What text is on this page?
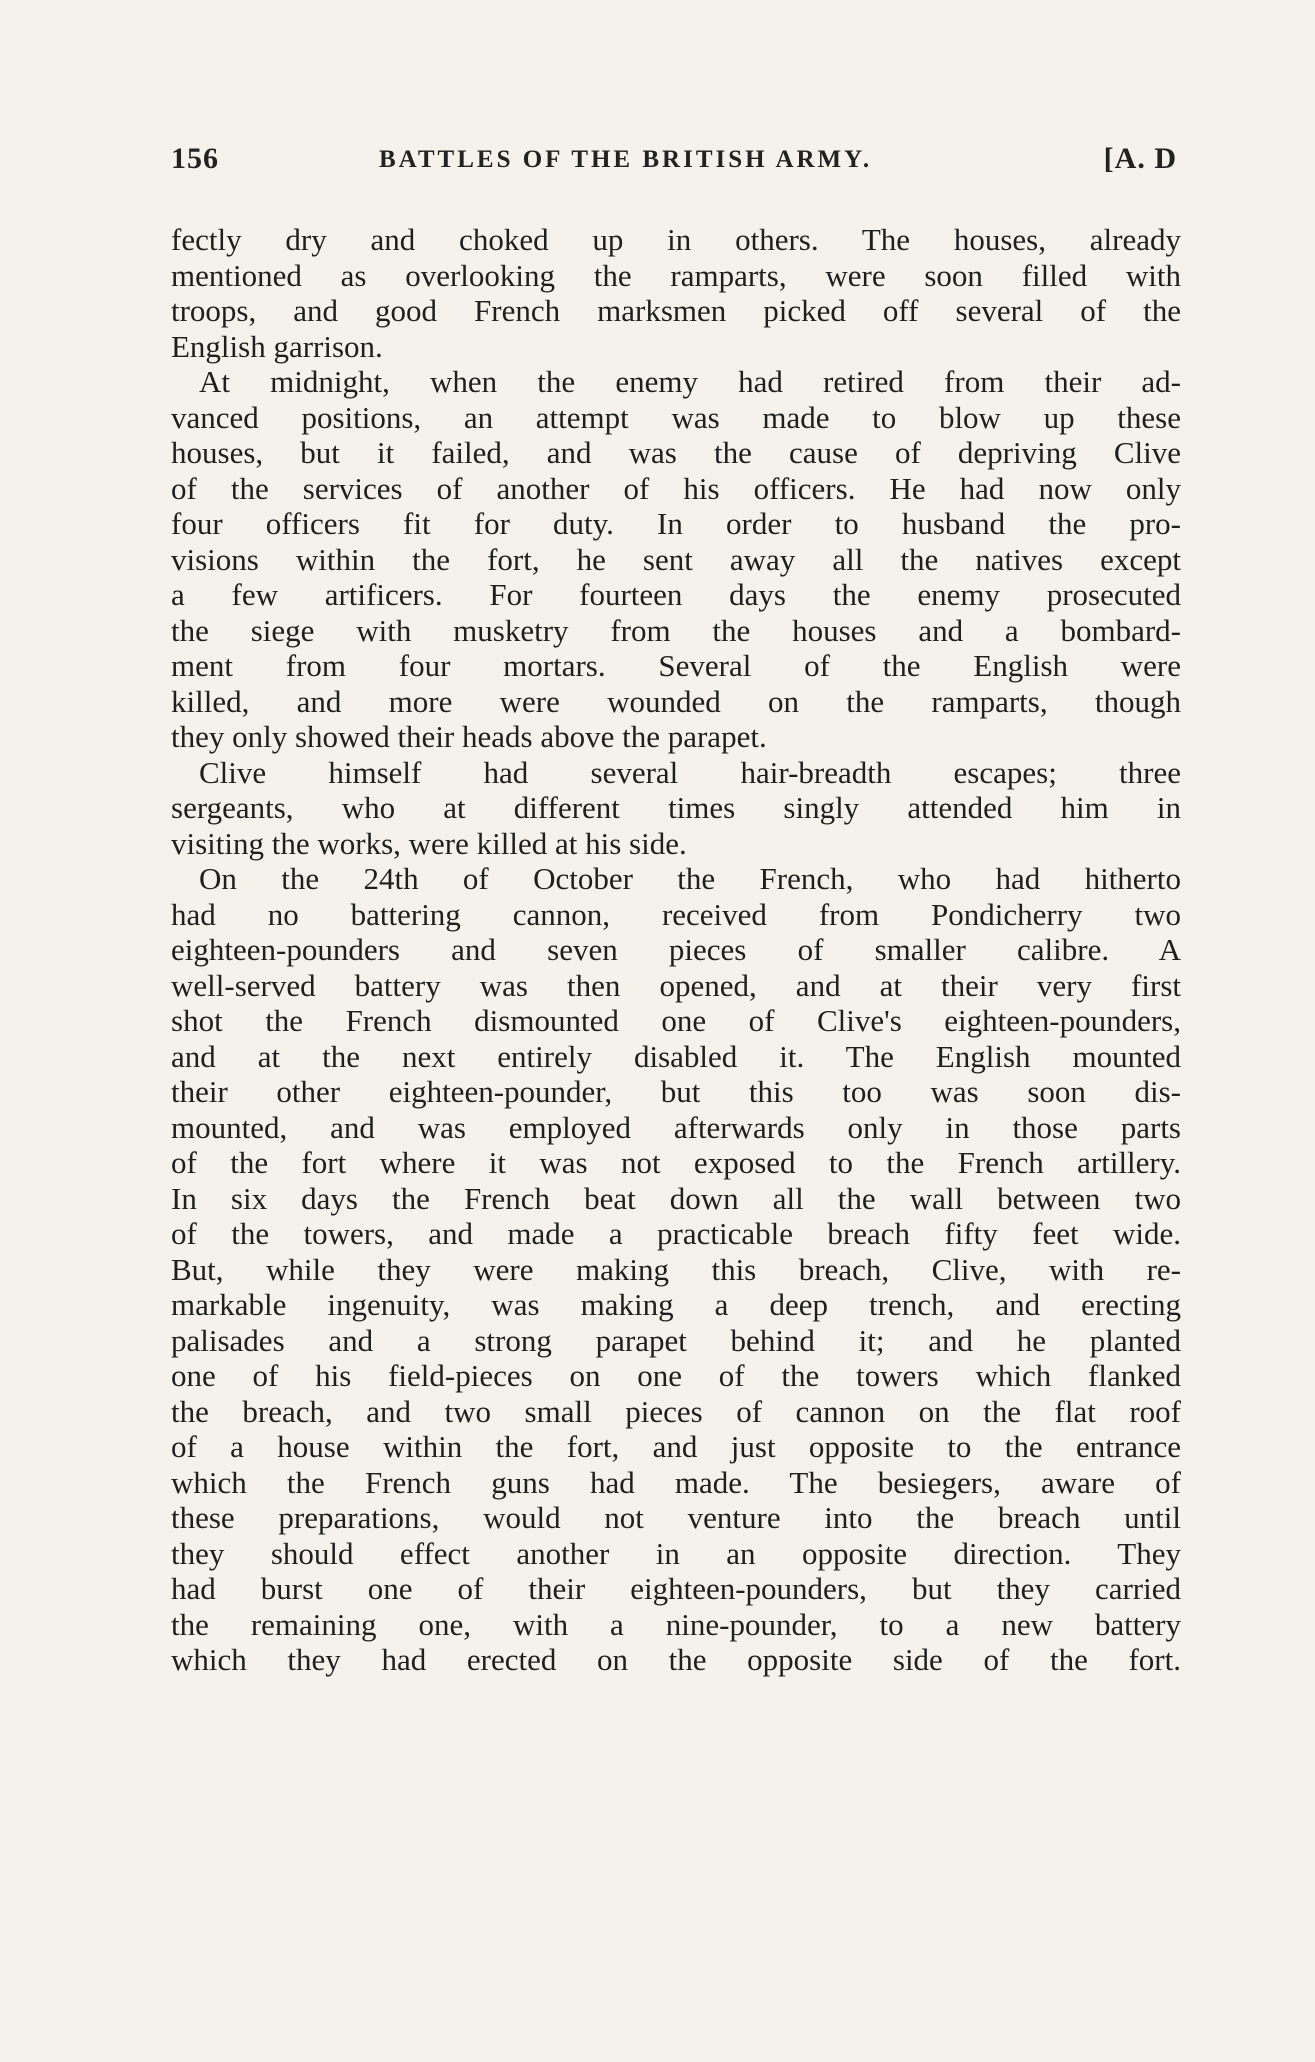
156	BATTLES OF THE BRITISH ARMY.	[A. D
fectly dry and choked up in others. The houses, already
mentioned as overlooking the ramparts, were soon filled with
troops, and good French marksmen picked off several of the
English garrison.
At midnight, when the enemy had retired from their ad-
vanced positions, an attempt was made to blow up these
houses, but it failed, and was the cause of depriving Clive
of the services of another of his officers. He had now only
four officers fit for duty. In order to husband the pro-
visions within the fort, he sent away all the natives except
a few artificers. For fourteen days the enemy prosecuted
the siege with musketry from the houses and a bombard-
ment from four mortars. Several of the English were
killed, and more were wounded on the ramparts, though
they only showed their heads above the parapet.
Clive himself had several hair-breadth escapes; three
sergeants, who at different times singly attended him in
visiting the works, were killed at his side.
On the 24th of October the French, who had hitherto
had no battering cannon, received from Pondicherry two
eighteen-pounders and seven pieces of smaller calibre. A
well-served battery was then opened, and at their very first
shot the French dismounted one of Clive's eighteen-pounders,
and at the next entirely disabled it. The English mounted
their other eighteen-pounder, but this too was soon dis-
mounted, and was employed afterwards only in those parts
of the fort where it was not exposed to the French artillery.
In six days the French beat down all the wall between two
of the towers, and made a practicable breach fifty feet wide.
But, while they were making this breach, Clive, with re-
markable ingenuity, was making a deep trench, and erecting
palisades and a strong parapet behind it; and he planted
one of his field-pieces on one of the towers which flanked
the breach, and two small pieces of cannon on the flat roof
of a house within the fort, and just opposite to the entrance
which the French guns had made. The besiegers, aware of
these preparations, would not venture into the breach until
they should effect another in an opposite direction. They
had burst one of their eighteen-pounders, but they carried
the remaining one, with a nine-pounder, to a new battery
which they had erected on the opposite side of the fort.
